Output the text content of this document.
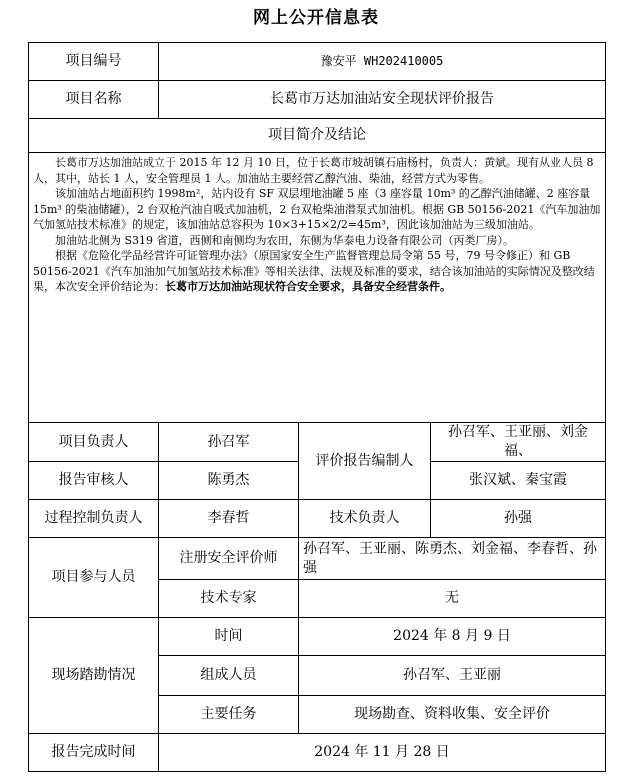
网上公开信息表
项目编号	豫安平 WH202410005		
项目名称	长葛市万达加油站安全现状评价报告		
项目简介及结论			

长葛市万达加油站成立于 2015 年 12 月 10 日，位于长葛市坡胡镇石庙杨村，负责人：黄斌。现有从业人员 8 人，其中，站长 1 人，安全管理员 1 人。加油站主要经营乙醇汽油、柴油，经营方式为零售。

该加油站占地面积约 1998m²，站内设有 SF 双层埋地油罐 5 座（3 座容量 10m³ 的乙醇汽油储罐、2 座容量 15m³ 的柴油储罐），2 台双枪汽油自吸式加油机，2 台双枪柴油潜泵式加油机。根据 GB 50156-2021《汽车加油加气加氢站技术标准》的规定，该加油站总容积为 10×3+15×2/2=45m³，因此该加油站为三级加油站。

加油站北侧为 S319 省道，西侧和南侧均为农田，东侧为华泰电力设备有限公司（丙类厂房）。

根据《危险化学品经营许可证管理办法》（原国家安全生产监督管理总局令第 55 号，79 号令修正）和 GB 50156-2021《汽车加油加气加氢站技术标准》等相关法律、法规及标准的要求，结合该加油站的实际情况及整改结果，本次安全评价结论为：长葛市万达加油站现状符合安全要求，具备安全经营条件。			

项目负责人	孙召军	评价报告编制人	孙召军、王亚丽、刘金福、
报告审核人	陈勇杰		张汉斌、秦宝霞
过程控制负责人	李春哲	技术负责人	孙强
项目参与人员	注册安全评价师	孙召军、王亚丽、陈勇杰、刘金福、李春哲、孙强	
	技术专家	无	
现场踏勘情况	时间	2024 年 8 月 9 日	
	组成人员	孙召军、王亚丽	
	主要任务	现场勘查、资料收集、安全评价	
报告完成时间	2024 年 11 月 28 日		
